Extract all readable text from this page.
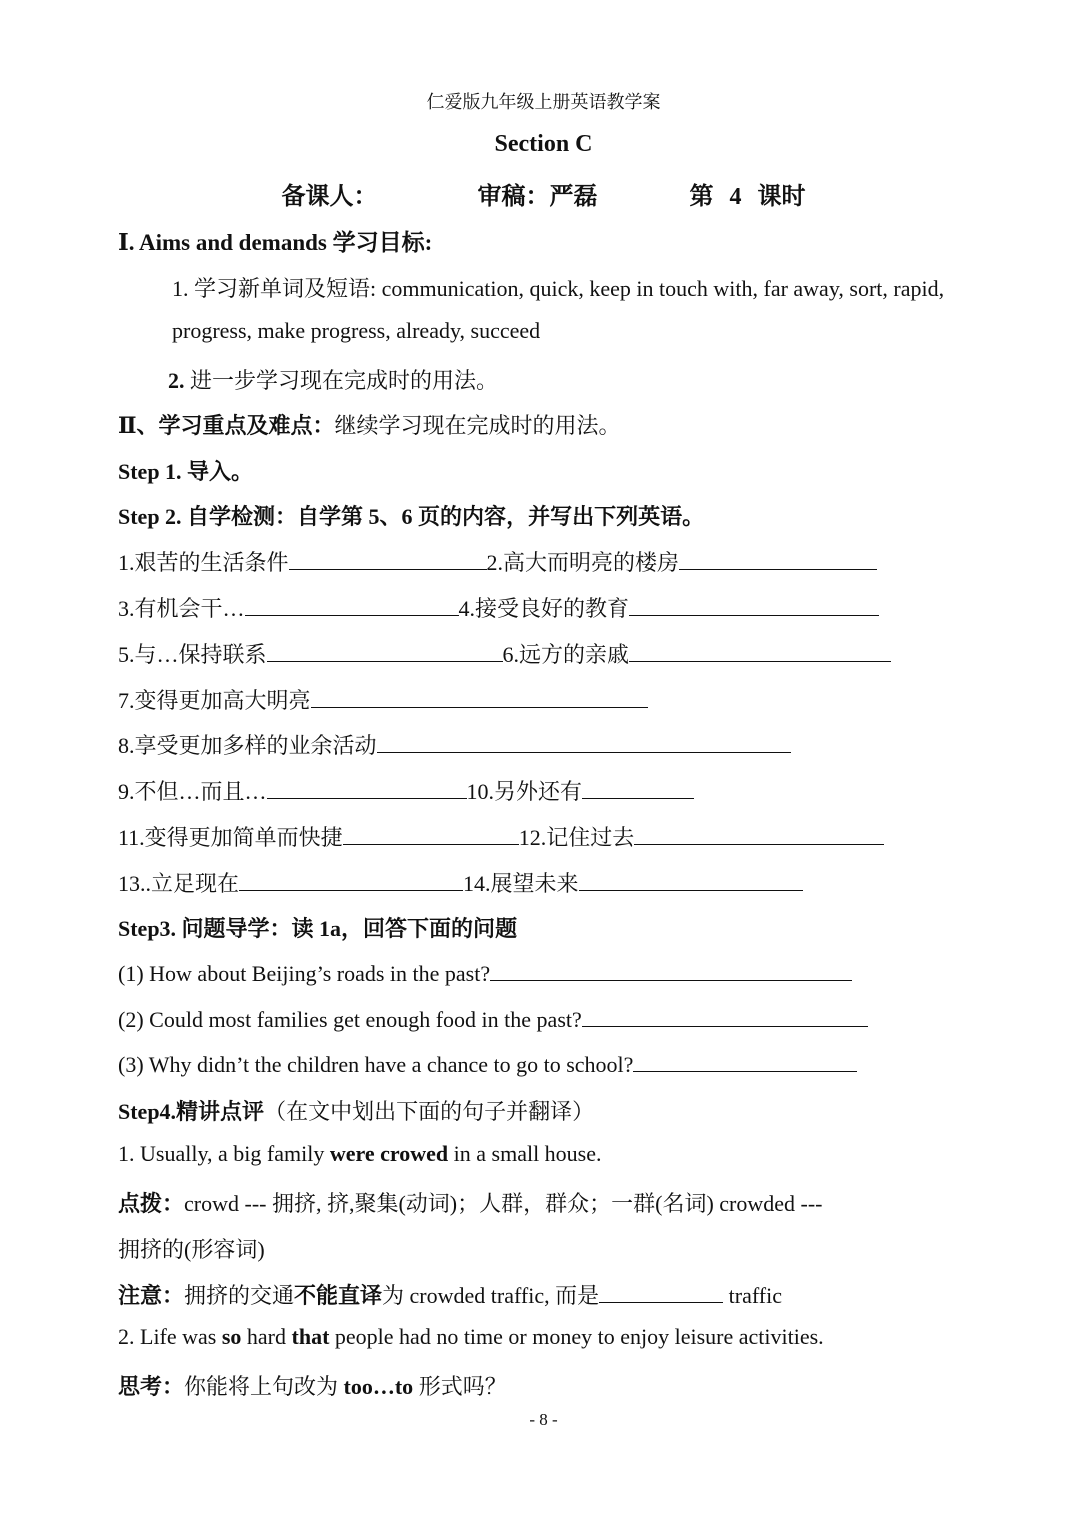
仁爱版九年级上册英语教学案
Section C
备课人：	审稿：严磊	第 4 课时
Ⅰ. Aims and demands 学习目标:
1. 学习新单词及短语: communication, quick, keep in touch with, far away, sort, rapid,
progress, make progress, already, succeed
2. 进一步学习现在完成时的用法。
Ⅱ、学习重点及难点：继续学习现在完成时的用法。
Step 1. 导入。
Step 2. 自学检测：自学第 5、6 页的内容，并写出下列英语。
1.艰苦的生活条件	2.高大而明亮的楼房
3.有机会干…	4.接受良好的教育
5.与…保持联系	6.远方的亲戚
7.变得更加高大明亮
8.享受更加多样的业余活动
9.不但…而且…	10.另外还有
11.变得更加简单而快捷	12.记住过去
13..立足现在	14.展望未来
Step3. 问题导学：读 1a，回答下面的问题
(1) How about Beijing’s roads in the past?
(2) Could most families get enough food in the past?
(3) Why didn’t the children have a chance to go to school?
Step4.精讲点评（在文中划出下面的句子并翻译）
1. Usually, a big family were crowed in a small house.
点拨：crowd --- 拥挤, 挤,聚集(动词)；人群，群众；一群(名词) crowded ---
拥挤的(形容词)
注意：拥挤的交通不能直译为 crowded traffic, 而是	traffic
2. Life was so hard that people had no time or money to enjoy leisure activities.
思考：你能将上句改为 too…to 形式吗？
- 8 -
